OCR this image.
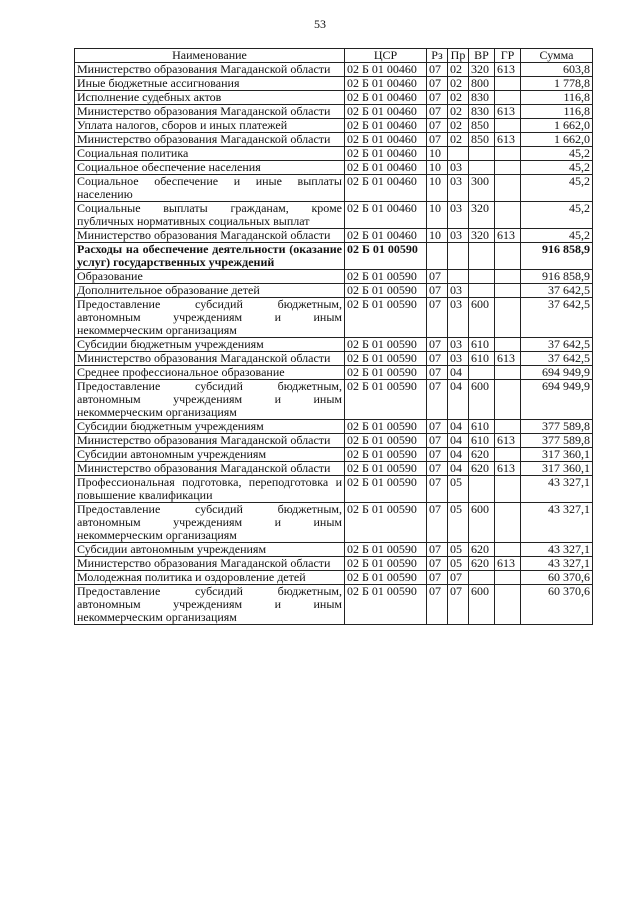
53
Наименование	ЦСР	Рз	Пр	ВР	ГР	Сумма
Министерство образования Магаданской области	02 Б 01 00460	07	02	320	613	603,8
Иные бюджетные ассигнования	02 Б 01 00460	07	02	800		1 778,8
Исполнение судебных актов	02 Б 01 00460	07	02	830		116,8
Министерство образования Магаданской области	02 Б 01 00460	07	02	830	613	116,8
Уплата налогов, сборов и иных платежей	02 Б 01 00460	07	02	850		1 662,0
Министерство образования Магаданской области	02 Б 01 00460	07	02	850	613	1 662,0
Социальная политика	02 Б 01 00460	10				45,2
Социальное обеспечение населения	02 Б 01 00460	10	03			45,2
Социальное обеспечение и иные выплаты населению	02 Б 01 00460	10	03	300		45,2
Социальные выплаты гражданам, кроме публичных нормативных социальных выплат	02 Б 01 00460	10	03	320		45,2
Министерство образования Магаданской области	02 Б 01 00460	10	03	320	613	45,2
Расходы на обеспечение деятельности (оказание услуг) государственных учреждений	02 Б 01 00590					916 858,9
Образование	02 Б 01 00590	07				916 858,9
Дополнительное образование детей	02 Б 01 00590	07	03			37 642,5
Предоставление субсидий бюджетным, автономным учреждениям и иным некоммерческим организациям	02 Б 01 00590	07	03	600		37 642,5
Субсидии бюджетным учреждениям	02 Б 01 00590	07	03	610		37 642,5
Министерство образования Магаданской области	02 Б 01 00590	07	03	610	613	37 642,5
Среднее профессиональное образование	02 Б 01 00590	07	04			694 949,9
Предоставление субсидий бюджетным, автономным учреждениям и иным некоммерческим организациям	02 Б 01 00590	07	04	600		694 949,9
Субсидии бюджетным учреждениям	02 Б 01 00590	07	04	610		377 589,8
Министерство образования Магаданской области	02 Б 01 00590	07	04	610	613	377 589,8
Субсидии автономным учреждениям	02 Б 01 00590	07	04	620		317 360,1
Министерство образования Магаданской области	02 Б 01 00590	07	04	620	613	317 360,1
Профессиональная подготовка, переподготовка и повышение квалификации	02 Б 01 00590	07	05			43 327,1
Предоставление субсидий бюджетным, автономным учреждениям и иным некоммерческим организациям	02 Б 01 00590	07	05	600		43 327,1
Субсидии автономным учреждениям	02 Б 01 00590	07	05	620		43 327,1
Министерство образования Магаданской области	02 Б 01 00590	07	05	620	613	43 327,1
Молодежная политика и оздоровление детей	02 Б 01 00590	07	07			60 370,6
Предоставление субсидий бюджетным, автономным учреждениям и иным некоммерческим организациям	02 Б 01 00590	07	07	600		60 370,6
